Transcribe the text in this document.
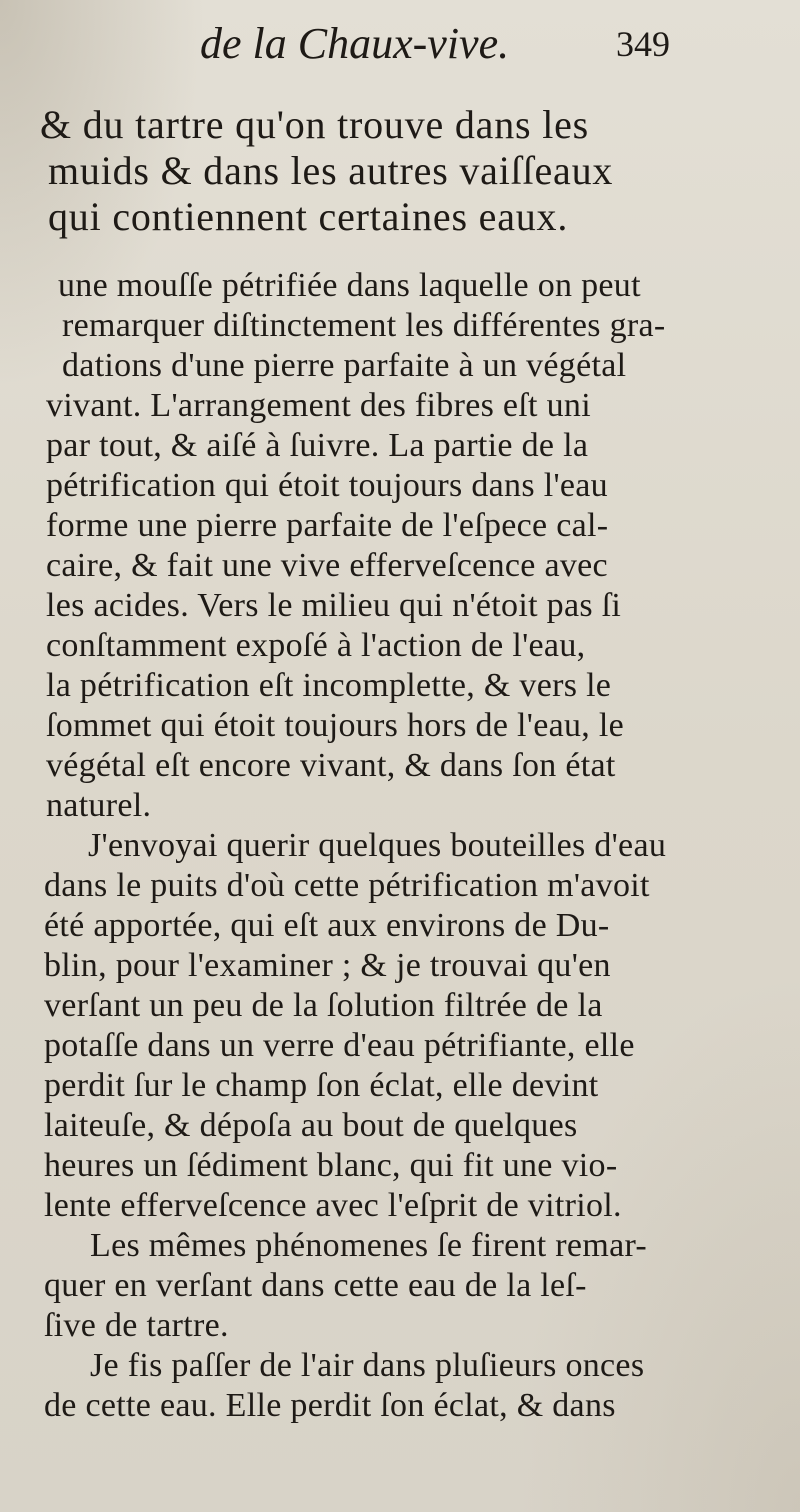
de la Chaux-vive.	349
& du tartre qu'on trouve dans les
muids & dans les autres vaiſſeaux
qui contiennent certaines eaux.
une mouſſe pétrifiée dans laquelle on peut
remarquer diſtinctement les différentes gra-
dations d'une pierre parfaite à un végétal
vivant. L'arrangement des fibres eſt uni
par tout, & aiſé à ſuivre. La partie de la
pétrification qui étoit toujours dans l'eau
forme une pierre parfaite de l'eſpece cal-
caire, & fait une vive efferveſcence avec
les acides. Vers le milieu qui n'étoit pas ſi
conſtamment expoſé à l'action de l'eau,
la pétrification eſt incomplette, & vers le
ſommet qui étoit toujours hors de l'eau, le
végétal eſt encore vivant, & dans ſon état
naturel.
J'envoyai querir quelques bouteilles d'eau
dans le puits d'où cette pétrification m'avoit
été apportée, qui eſt aux environs de Du-
blin, pour l'examiner ; & je trouvai qu'en
verſant un peu de la ſolution filtrée de la
potaſſe dans un verre d'eau pétrifiante, elle
perdit ſur le champ ſon éclat, elle devint
laiteuſe, & dépoſa au bout de quelques
heures un ſédiment blanc, qui fit une vio-
lente efferveſcence avec l'eſprit de vitriol.
Les mêmes phénomenes ſe firent remar-
quer en verſant dans cette eau de la leſ-
ſive de tartre.
Je fis paſſer de l'air dans pluſieurs onces
de cette eau. Elle perdit ſon éclat, & dans
